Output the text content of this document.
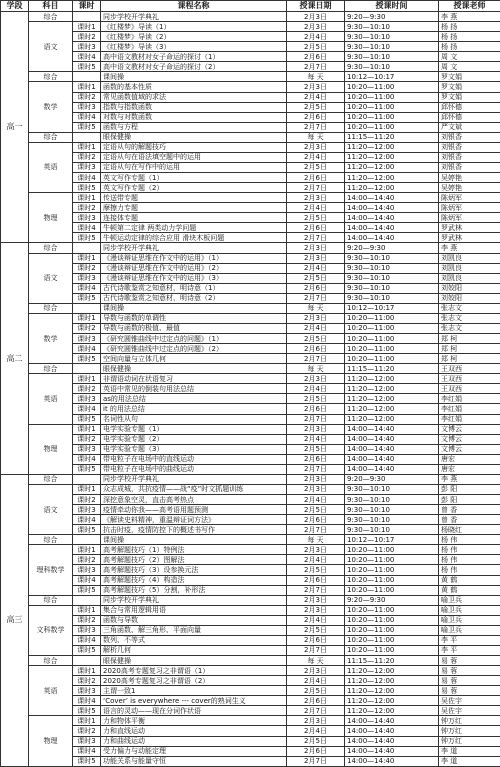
学段	科目	课时	课程名称	授课日期	授课时间	授课老师
高一	综合		同步学校开学典礼	2月3日	9:20—9:30	李 燕
	语文	课时1	《红楼梦》导读（1）	2月3日	9:30—10:10	杨 扬
		课时2	《红楼梦》导读（2）	2月4日	9:30—10:10	杨 扬
		课时3	《红楼梦》导读（3）	2月5日	9:30—10:10	杨 扬
		课时4	高中语文教材对女子命运的探讨（1）	2月6日	9:30—10:10	周 文
		课时5	高中语文教材对女子命运的探讨（2）	2月7日	9:30—10:10	周 文
	综合		课间操	每 天	10:12—10:17	罗文娟
	数学	课时1	函数的基本性质	2月3日	10:20—11:00	罗文娟
		课时2	常见函数值域的求法	2月4日	10:20—11:00	罗文娟
		课时3	指数与指数函数	2月5日	10:20—11:00	邱怀德
		课时4	对数与对数函数	2月6日	10:20—11:00	邱怀德
		课时5	函数与方程	2月7日	10:20—11:00	严文斌
	综合		眼保健操	每 天	11:15—11:20	刘银香
	英语	课时1	定语从句的解题技巧	2月3日	11:20—12:00	刘银香
		课时2	定语从句在语法填空题中的运用	2月4日	11:20—12:00	刘银香
		课时3	定语从句在写作中的运用	2月5日	11:20—12:00	刘银香
		课时4	英文写作专题（1）	2月6日	11:20—12:00	吴婷艳
		课时5	英文写作专题（2）	2月7日	11:20—12:00	吴婷艳
	物理	课时1	传送带专题	2月3日	14:00—14:40	陈炳军
		课时2	摩擦力专题	2月4日	14:00—14:40	陈炳军
		课时3	连接体专题	2月5日	14:00—14:40	陈炳军
		课时4	牛顿第二定律 两类动力学问题	2月6日	14:00—14:40	罗武林
		课时5	牛顿运动定律的综合应用 滑块木板问题	2月7日	14:00—14:40	罗武林
高二	综合		同步学校开学典礼	2月3日	9:20—9:30	李 燕
	语文	课时1	《漫谈辩证思维在作文中的运用》（1）	2月3日	9:30—10:10	刘凯良
		课时2	《漫谈辩证思维在作文中的运用》（2）	2月4日	9:30—10:10	刘凯良
		课时3	《漫谈辩证思维在作文中的运用》（3）	2月5日	9:30—10:10	刘凯良
		课时4	古代诗歌鉴赏之知意材，明诗意（1）	2月6日	9:30—10:10	刘姣阳
		课时5	古代诗歌鉴赏之知意材，明诗意（2）	2月7日	9:30—10:10	刘姣阳
	综合		课间操	每 天	10:12—10:17	张志文
	数学	课时1	导数与函数的单调性	2月3日	10:20—11:00	张志文
		课时2	导数与函数的极值、最值	2月4日	10:20—11:00	张志文
		课时3	《研究圆锥曲线中过定点的问题》（1）	2月5日	10:20—11:00	郑 柯
		课时4	《研究圆锥曲线中过定点的问题》（2）	2月6日	10:20—11:00	郑 柯
		课时5	空间向量与立体几何	2月7日	10:20—11:00	郑 柯
	综合		眼保健操	每 天	11:15—11:20	王双西
	英语	课时1	非谓语动词在状语复习	2月3日	11:20—12:00	王双西
		课时2	英语中常见的倒装句用法总结	2月4日	11:20—12:00	王双西
		课时3	as的用法总结	2月5日	11:20—12:00	李红娟
		课时4	it 的用法总结	2月6日	11:20—12:00	李红娟
		课时5	名词性从句	2月7日	11:20—12:00	李红娟
	物理	课时1	电学实验专题（1）	2月3日	14:00—14:40	文博云
		课时2	电学实验专题（2）	2月4日	14:00—14:40	文博云
		课时3	电学实验专题（3）	2月5日	14:00—14:40	文博云
		课时4	带电粒子在电场中的直线运动	2月6日	14:00—14:40	唐宏
		课时5	带电粒子在电场中的曲线运动	2月7日	14:00—14:40	唐宏
高三	综合		同步学校开学典礼	2月3日	9:20—9:30	李 燕
	语文	课时1	众志成城，共抗疫情——战“疫”时文抓题训练	2月3日	9:30—10:10	彭 阳
		课时2	深挖意象空灵，直击高考热点	2月4日	9:30—10:10	彭 阳
		课时3	疫情牵动你我——高考语用题预测	2月5日	9:30—10:10	曾 香
		课时4	《解读史料精神，重温辩证词方法》	2月6日	9:30—10:10	曾 香
		课时5	抗击时疫，疫情防控下的概述书写作	2月7日	9:30—10:10	杨晓红
	综合		课间操	每 天	10:12—10:17	杨 伟
	理科数学	课时1	高考解题技巧（1）特例法	2月3日	10:20—11:00	杨 伟
		课时2	高考解题技巧（2）图解法	2月4日	10:20—11:00	杨 伟
		课时3	高考解题技巧（3）设参换元法	2月5日	10:20—11:00	杨 伟
		课时4	高考解题技巧（4）构造法	2月6日	10:20—11:00	黄 鹤
		课时5	高考解题技巧（5）分割，补形法	2月7日	10:20—11:00	黄 鹤
	综合		同步学校开学典礼	2月3日	9:20—9:30	喻卫兵
	文科数学	课时1	集合与常用逻辑用语	2月3日	10:20—11:00	喻卫兵
		课时2	函数与导数	2月4日	10:20—11:00	喻卫兵
		课时3	三角函数、解三角形、平面向量	2月5日	10:20—11:00	喻卫兵
		课时4	数列、不等式	2月6日	10:20—11:00	李 平
		课时5	解析几何	2月7日	10:20—11:00	李 平
	综合		眼保健操	每 天	11:15—11:20	易 蓉
	英语	课时1	2020高考专题复习之非谓语（1）	2月3日	11:20—12:00	易 蓉
		课时2	2020高考专题复习之非谓语（2）	2月4日	11:20—12:00	易 蓉
		课时3	主谓一致1	2月5日	11:20—12:00	易 蓉
		课时4	‘Cover’ is everywhere --- cover的熟词生义	2月6日	11:20—12:00	吴佐宇
		课时5	语言的灵动——现在分词作状语	2月7日	11:20—12:00	吴佐宇
	物理	课时1	力和物体平衡	2月3日	14:00—14:40	钟万红
		课时2	力和直线运动	2月4日	14:00—14:40	钟万红
		课时3	力和曲线运动	2月5日	14:00—14:40	钟万红
		课时4	受力偏力与动能定理	2月6日	14:00—14:40	李 道
		课时5	功能关系与能量守恒	2月7日	14:00—14:40	李 道
